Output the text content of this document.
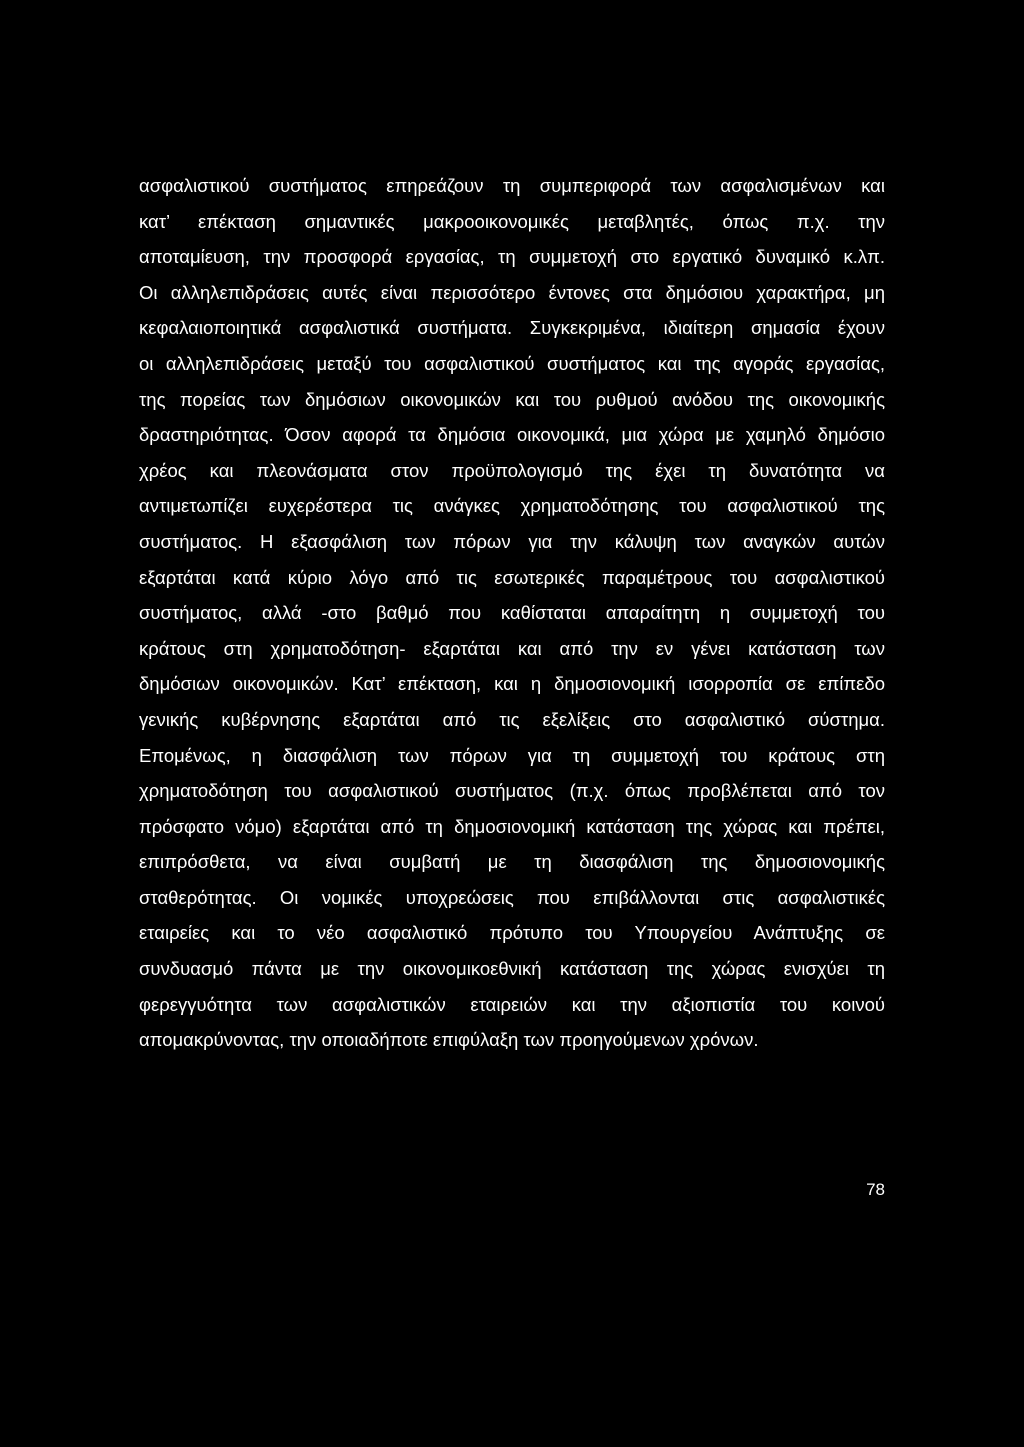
ασφαλιστικού συστήματος επηρεάζουν τη συμπεριφορά των ασφαλισμένων και
κατ’ επέκταση σημαντικές μακροοικονομικές μεταβλητές, όπως π.χ. την
αποταμίευση, την προσφορά εργασίας, τη συμμετοχή στο εργατικό δυναμικό κ.λπ.
Οι αλληλεπιδράσεις αυτές είναι περισσότερο έντονες στα δημόσιου χαρακτήρα, μη
κεφαλαιοποιητικά ασφαλιστικά συστήματα. Συγκεκριμένα, ιδιαίτερη σημασία έχουν
οι αλληλεπιδράσεις μεταξύ του ασφαλιστικού συστήματος και της αγοράς εργασίας,
της πορείας των δημόσιων οικονομικών και του ρυθμού ανόδου της οικονομικής
δραστηριότητας. Όσον αφορά τα δημόσια οικονομικά, μια χώρα με χαμηλό δημόσιο
χρέος και πλεονάσματα στον προϋπολογισμό της έχει τη δυνατότητα να
αντιμετωπίζει ευχερέστερα τις ανάγκες χρηματοδότησης του ασφαλιστικού της
συστήματος. Η εξασφάλιση των πόρων για την κάλυψη των αναγκών αυτών
εξαρτάται κατά κύριο λόγο από τις εσωτερικές παραμέτρους του ασφαλιστικού
συστήματος, αλλά -στο βαθμό που καθίσταται απαραίτητη η συμμετοχή του
κράτους στη χρηματοδότηση- εξαρτάται και από την εν γένει κατάσταση των
δημόσιων οικονομικών. Κατ’ επέκταση, και η δημοσιονομική ισορροπία σε επίπεδο
γενικής κυβέρνησης εξαρτάται από τις εξελίξεις στο ασφαλιστικό σύστημα.
Επομένως, η διασφάλιση των πόρων για τη συμμετοχή του κράτους στη
χρηματοδότηση του ασφαλιστικού συστήματος (π.χ. όπως προβλέπεται από τον
πρόσφατο νόμο) εξαρτάται από τη δημοσιονομική κατάσταση της χώρας και πρέπει,
επιπρόσθετα, να είναι συμβατή με τη διασφάλιση της δημοσιονομικής
σταθερότητας. Οι νομικές υποχρεώσεις που επιβάλλονται στις ασφαλιστικές
εταιρείες και το νέο ασφαλιστικό πρότυπο του Υπουργείου Ανάπτυξης σε
συνδυασμό πάντα με την οικονομικοεθνική κατάσταση της χώρας ενισχύει τη
φερεγγυότητα των ασφαλιστικών εταιρειών και την αξιοπιστία του κοινού
απομακρύνοντας, την οποιαδήποτε επιφύλαξη των προηγούμενων χρόνων.
78
